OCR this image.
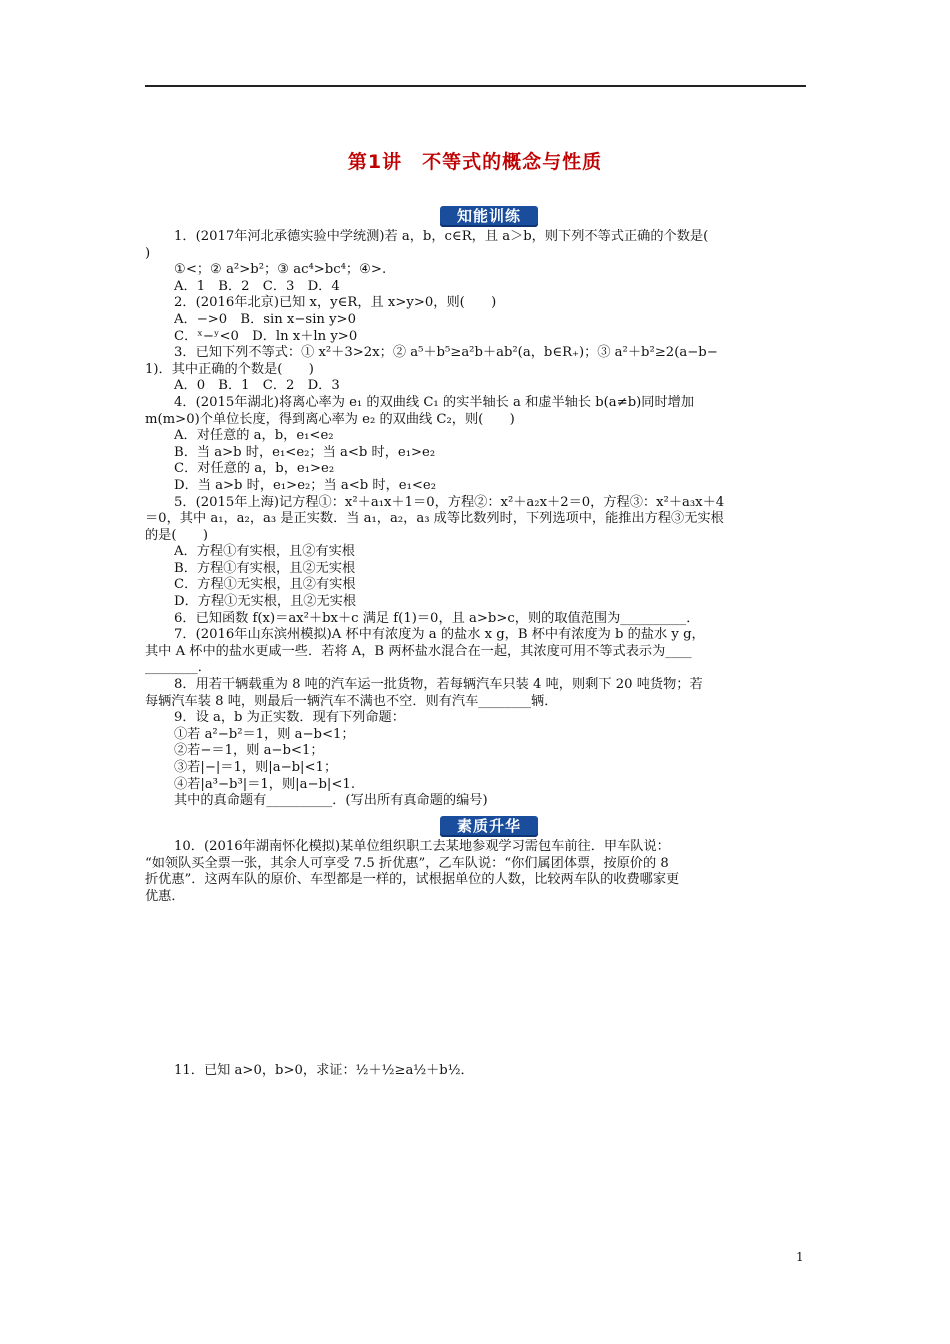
第1讲　不等式的概念与性质
知能训练

1．(2017年河北承德实验中学统测)若 a，b，c∈R，且 a＞b，则下列不等式正确的个数是(

)

①<；② a²>b²；③ ac⁴>bc⁴；④>.

A．1　B．2　C．3　D．4

2．(2016年北京)已知 x，y∈R，且 x>y>0，则(　　)

A．−>0　B．sin x−sin y>0

C．ˣ−ʸ<0　D．ln x＋ln y>0

3．已知下列不等式：① x²＋3>2x；② a⁵＋b⁵≥a²b＋ab²(a，b∈R₊)；③ a²＋b²≥2(a−b−

1)．其中正确的个数是(　　)

A．0　B．1　C．2　D．3

4．(2015年湖北)将离心率为 e₁ 的双曲线 C₁ 的实半轴长 a 和虚半轴长 b(a≠b)同时增加

m(m>0)个单位长度，得到离心率为 e₂ 的双曲线 C₂，则(　　)

A．对任意的 a，b，e₁<e₂

B．当 a>b 时，e₁<e₂；当 a<b 时，e₁>e₂

C．对任意的 a，b，e₁>e₂

D．当 a>b 时，e₁>e₂；当 a<b 时，e₁<e₂

5．(2015年上海)记方程①：x²＋a₁x＋1＝0，方程②：x²＋a₂x＋2＝0，方程③：x²＋a₃x＋4

＝0，其中 a₁，a₂，a₃ 是正实数．当 a₁，a₂，a₃ 成等比数列时，下列选项中，能推出方程③无实根

的是(　　)

A．方程①有实根，且②有实根

B．方程①有实根，且②无实根

C．方程①无实根，且②有实根

D．方程①无实根，且②无实根

6．已知函数 f(x)＝ax²＋bx＋c 满足 f(1)＝0，且 a>b>c，则的取值范围为__________．

7．(2016年山东滨州模拟)A 杯中有浓度为 a 的盐水 x g，B 杯中有浓度为 b 的盐水 y g，

其中 A 杯中的盐水更咸一些．若将 A，B 两杯盐水混合在一起，其浓度可用不等式表示为____

________．

8．用若干辆载重为 8 吨的汽车运一批货物，若每辆汽车只装 4 吨，则剩下 20 吨货物；若

每辆汽车装 8 吨，则最后一辆汽车不满也不空．则有汽车________辆．

9．设 a，b 为正实数．现有下列命题：

①若 a²−b²＝1，则 a−b<1；

②若−＝1，则 a−b<1；

③若|−|＝1，则|a−b|<1；

④若|a³−b³|＝1，则|a−b|<1.

其中的真命题有__________．(写出所有真命题的编号)

素质升华

10．(2016年湖南怀化模拟)某单位组织职工去某地参观学习需包车前往．甲车队说：

“如领队买全票一张，其余人可享受 7.5 折优惠”，乙车队说：“你们属团体票，按原价的 8

折优惠”．这两车队的原价、车型都是一样的，试根据单位的人数，比较两车队的收费哪家更

优惠．

11．已知 a>0，b>0，求证：½＋½≥a½＋b½．

1
